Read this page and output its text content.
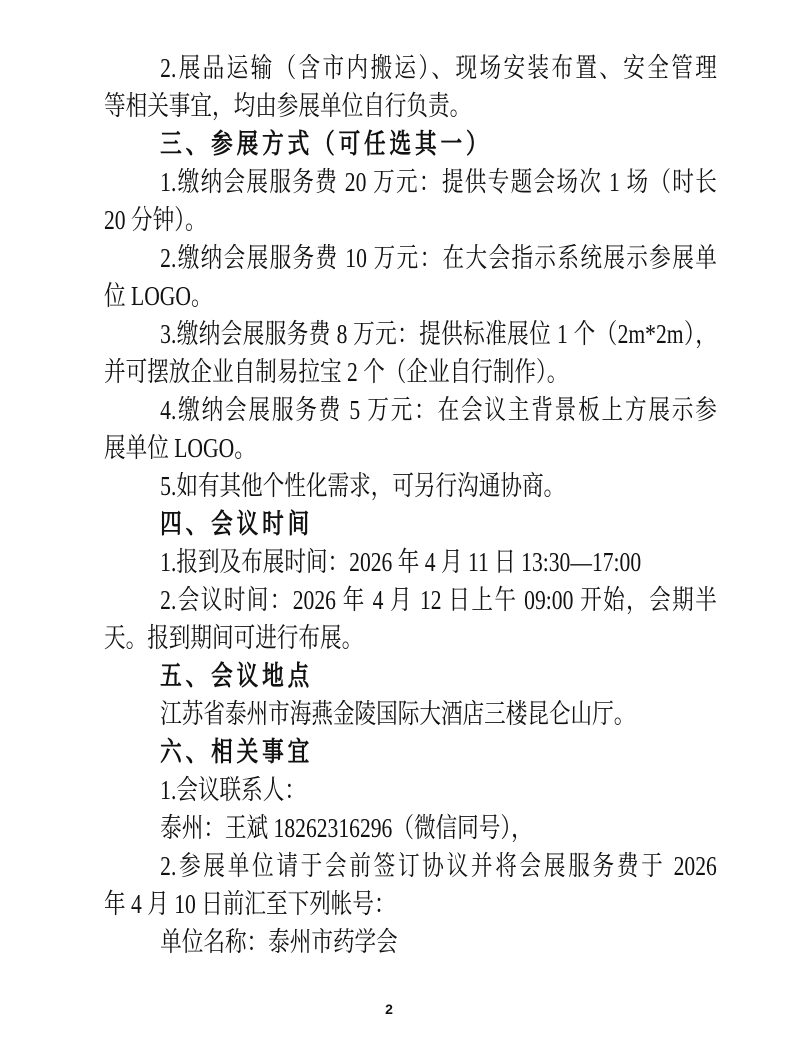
2.展品运输（含市内搬运）、现场安装布置、安全管理
等相关事宜，均由参展单位自行负责。
三、参展方式（可任选其一）
1.缴纳会展服务费 20 万元：提供专题会场次 1 场（时长
20 分钟）。
2.缴纳会展服务费 10 万元：在大会指示系统展示参展单
位 LOGO。
3.缴纳会展服务费 8 万元：提供标准展位 1 个（2m*2m），
并可摆放企业自制易拉宝 2 个（企业自行制作）。
4.缴纳会展服务费 5 万元：在会议主背景板上方展示参
展单位 LOGO。
5.如有其他个性化需求，可另行沟通协商。
四、会议时间
1.报到及布展时间：2026 年 4 月 11 日 13:30—17:00
2.会议时间：2026 年 4 月 12 日上午 09:00 开始，会期半
天。报到期间可进行布展。
五、会议地点
江苏省泰州市海燕金陵国际大酒店三楼昆仑山厅。
六、相关事宜
1.会议联系人：
泰州：王斌 18262316296（微信同号），
2.参展单位请于会前签订协议并将会展服务费于 2026
年 4 月 10 日前汇至下列帐号：
单位名称：泰州市药学会
2
